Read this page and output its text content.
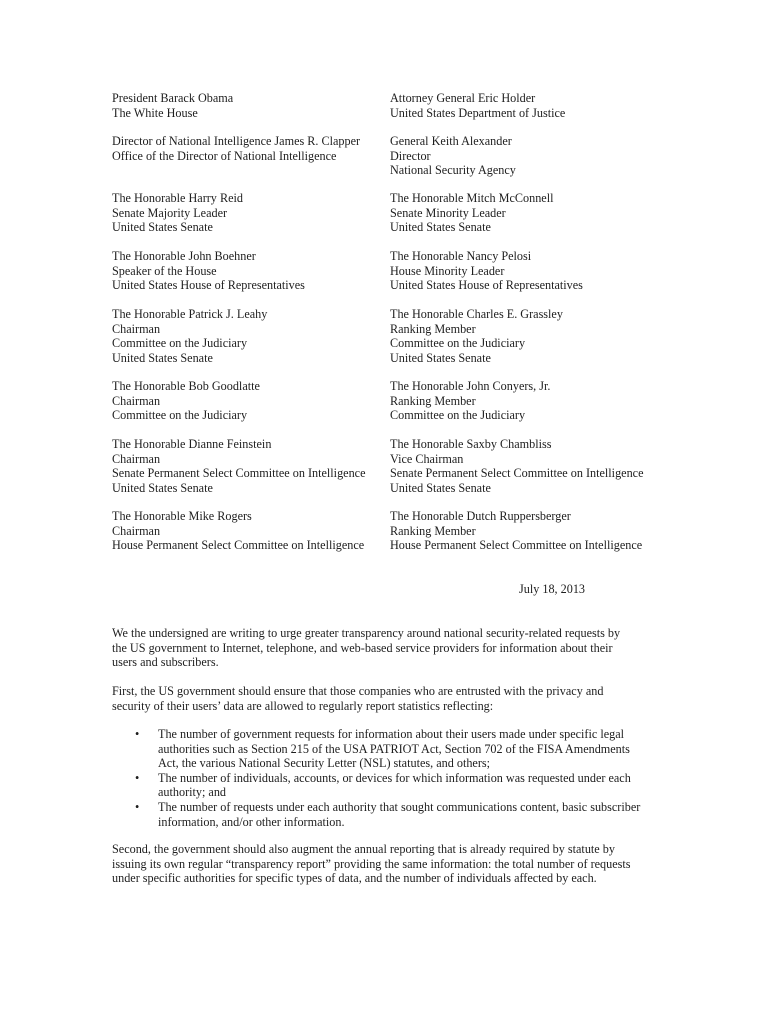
President Barack Obama
The White House
Director of National Intelligence James R. Clapper
Office of the Director of National Intelligence
The Honorable Harry Reid
Senate Majority Leader
United States Senate
The Honorable John Boehner
Speaker of the House
United States House of Representatives
The Honorable Patrick J. Leahy
Chairman
Committee on the Judiciary
United States Senate
The Honorable Bob Goodlatte
Chairman
Committee on the Judiciary
The Honorable Dianne Feinstein
Chairman
Senate Permanent Select Committee on Intelligence
United States Senate
The Honorable Mike Rogers
Chairman
House Permanent Select Committee on Intelligence
Attorney General Eric Holder
United States Department of Justice
General Keith Alexander
Director
National Security Agency
The Honorable Mitch McConnell
Senate Minority Leader
United States Senate
The Honorable Nancy Pelosi
House Minority Leader
United States House of Representatives
The Honorable Charles E. Grassley
Ranking Member
Committee on the Judiciary
United States Senate
The Honorable John Conyers, Jr.
Ranking Member
Committee on the Judiciary
The Honorable Saxby Chambliss
Vice Chairman
Senate Permanent Select Committee on Intelligence
United States Senate
The Honorable Dutch Ruppersberger
Ranking Member
House Permanent Select Committee on Intelligence
July 18, 2013
We the undersigned are writing to urge greater transparency around national security-related requests by
the US government to Internet, telephone, and web-based service providers for information about their
users and subscribers.
First, the US government should ensure that those companies who are entrusted with the privacy and
security of their users’ data are allowed to regularly report statistics reflecting:
• The number of government requests for information about their users made under specific legal
authorities such as Section 215 of the USA PATRIOT Act, Section 702 of the FISA Amendments
Act, the various National Security Letter (NSL) statutes, and others;
• The number of individuals, accounts, or devices for which information was requested under each
authority; and
• The number of requests under each authority that sought communications content, basic subscriber
information, and/or other information.
Second, the government should also augment the annual reporting that is already required by statute by
issuing its own regular “transparency report” providing the same information: the total number of requests
under specific authorities for specific types of data, and the number of individuals affected by each.
